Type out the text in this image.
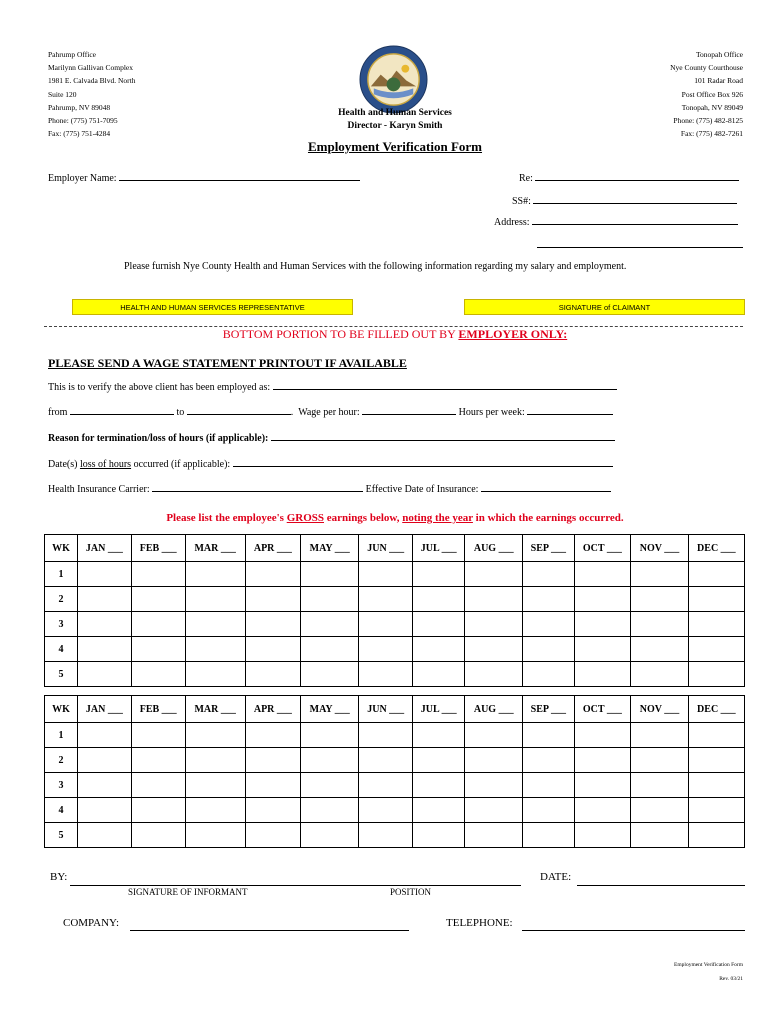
Pahrump Office
Marilynn Gallivan Complex
1981 E. Calvada Blvd. North
Suite 120
Pahrump, NV 89048
Phone: (775) 751-7095
Fax: (775) 751-4284
Tonopah Office
Nye County Courthouse
101 Radar Road
Post Office Box 926
Tonopah, NV 89049
Phone: (775) 482-8125
Fax: (775) 482-7261
Health and Human Services
Director - Karyn Smith
Employment Verification Form
Employer Name:	Re:
SS#:
Address:
Please furnish Nye County Health and Human Services with the following information regarding my salary and employment.
HEALTH AND HUMAN SERVICES REPRESENTATIVE	SIGNATURE of CLAIMANT
BOTTOM PORTION TO BE FILLED OUT BY EMPLOYER ONLY:
PLEASE SEND A WAGE STATEMENT PRINTOUT IF AVAILABLE
This is to verify the above client has been employed as:
from	to	.  Wage per hour:	Hours per week:
Reason for termination/loss of hours (if applicable):
Date(s) loss of hours occurred (if applicable):
Health Insurance Carrier:	Effective Date of Insurance:
Please list the employee's GROSS earnings below, noting the year in which the earnings occurred.
WK	JAN ___	FEB ___	MAR ___	APR ___	MAY ___	JUN ___	JUL ___	AUG ___	SEP ___	OCT ___	NOV ___	DEC ___
1												
2												
3												
4												
5												
WK	JAN ___	FEB ___	MAR ___	APR ___	MAY ___	JUN ___	JUL ___	AUG ___	SEP ___	OCT ___	NOV ___	DEC ___
1												
2												
3												
4												
5												
BY:	DATE:
SIGNATURE OF INFORMANT	POSITION
COMPANY:	TELEPHONE:
Employment Verification Form
Rev. 03/21
